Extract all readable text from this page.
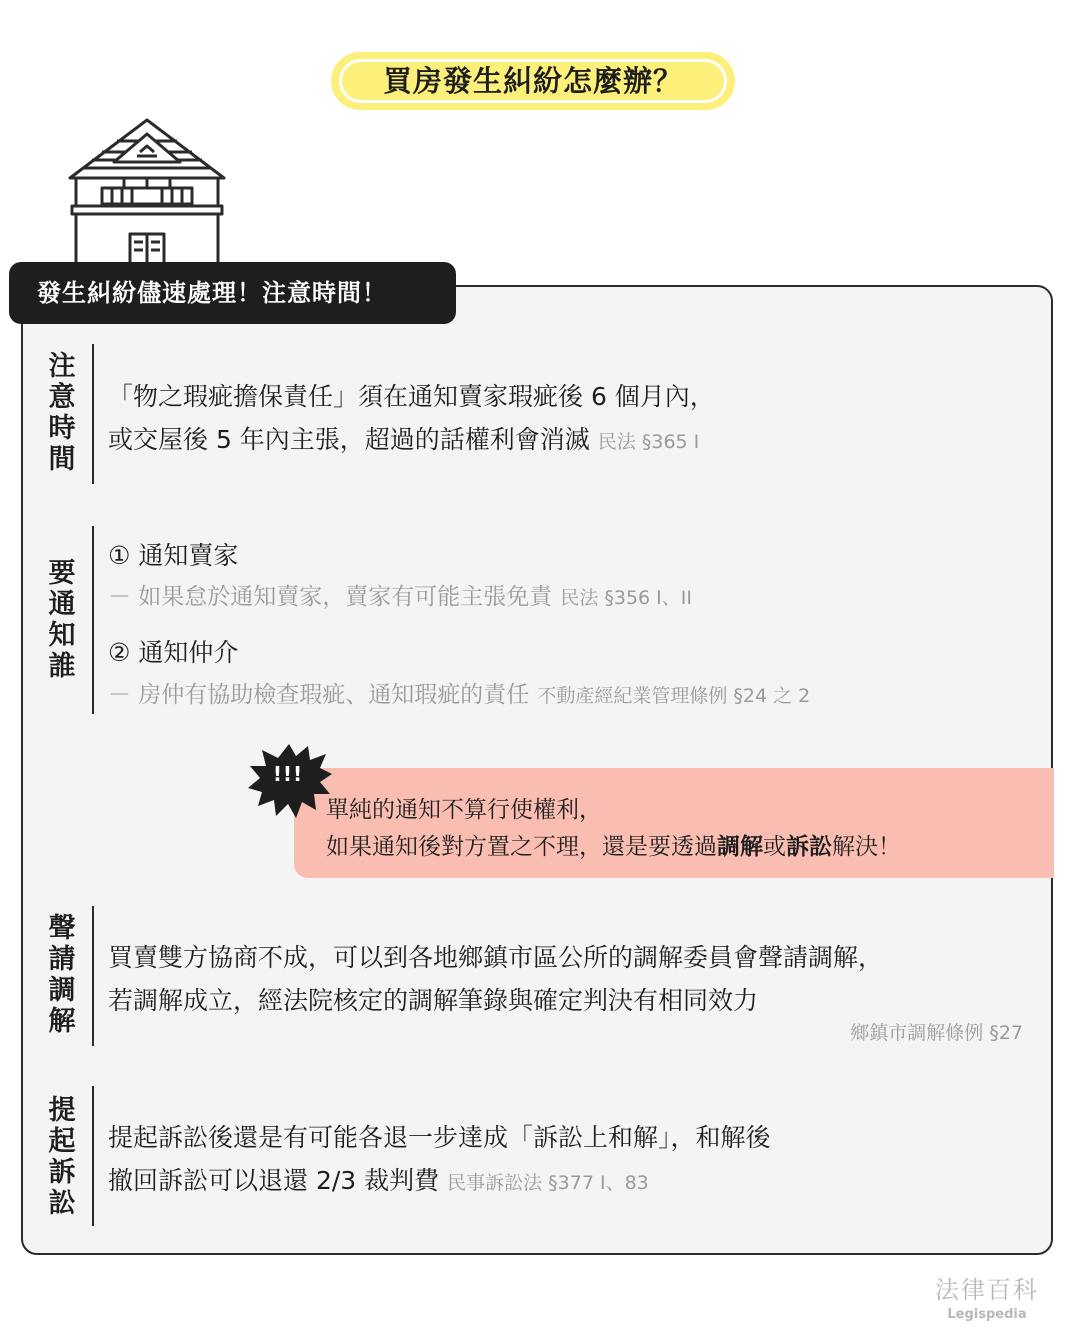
買房發生糾紛怎麼辦？
發生糾紛儘速處理！注意時間！
注
意
時
間
「物之瑕疵擔保責任」須在通知賣家瑕疵後 6 個月內，
或交屋後 5 年內主張，超過的話權利會消滅 民法 §365 I
要
通
知
誰
① 通知賣家
－ 如果怠於通知賣家，賣家有可能主張免責 民法 §356 I、II
② 通知仲介
－ 房仲有協助檢查瑕疵、通知瑕疵的責任 不動產經紀業管理條例 §24 之 2
!!!
單純的通知不算行使權利，
如果通知後對方置之不理，還是要透過調解或訴訟解決！
聲
請
調
解
買賣雙方協商不成，可以到各地鄉鎮市區公所的調解委員會聲請調解，
若調解成立，經法院核定的調解筆錄與確定判決有相同效力
鄉鎮市調解條例 §27
提
起
訴
訟
提起訴訟後還是有可能各退一步達成「訴訟上和解」，和解後
撤回訴訟可以退還 2/3 裁判費 民事訴訟法 §377 I、83
法律百科
Legispedia
